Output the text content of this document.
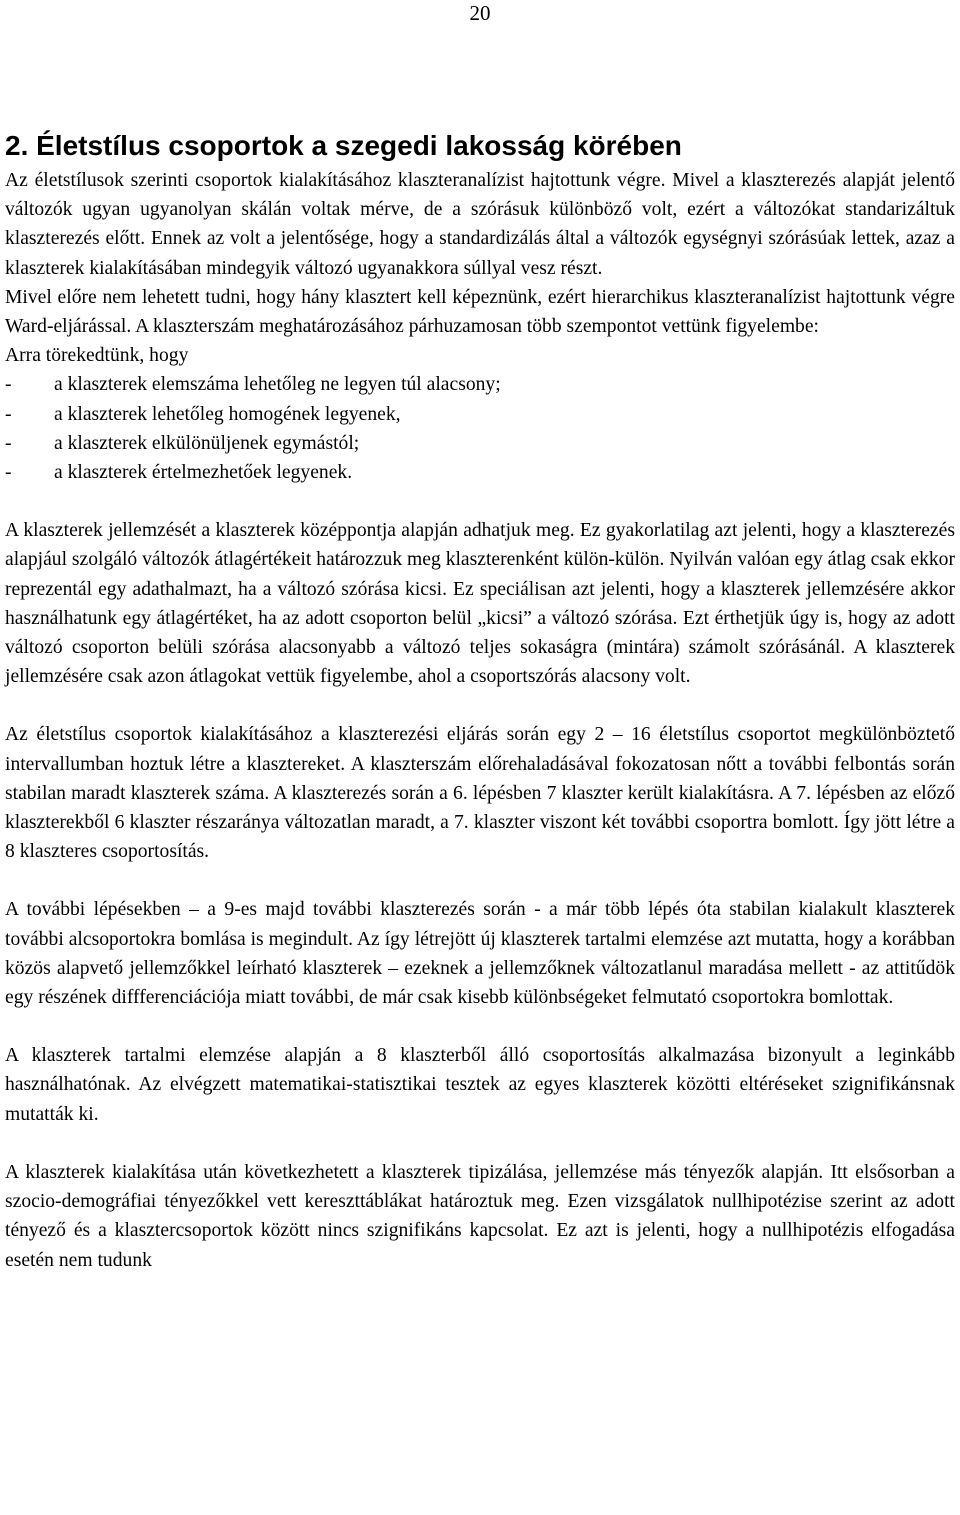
20
2. Életstílus csoportok a szegedi lakosság körében

Az életstílusok szerinti csoportok kialakításához klaszteranalízist hajtottunk végre. Mivel a klaszterezés alapját jelentő változók ugyan ugyanolyan skálán voltak mérve, de a szórásuk különböző volt, ezért a változókat standarizáltuk klaszterezés előtt. Ennek az volt a jelentősége, hogy a standardizálás által a változók egységnyi szórásúak lettek, azaz a klaszterek kialakításában mindegyik változó ugyanakkora súllyal vesz részt.

Mivel előre nem lehetett tudni, hogy hány klasztert kell képeznünk, ezért hierarchikus klaszteranalízist hajtottunk végre Ward-eljárással. A klaszterszám meghatározásához párhuzamosan több szempontot vettünk figyelembe:

Arra törekedtünk, hogy

- a klaszterek elemszáma lehetőleg ne legyen túl alacsony;
- a klaszterek lehetőleg homogének legyenek,
- a klaszterek elkülönüljenek egymástól;
- a klaszterek értelmezhetőek legyenek.

A klaszterek jellemzését a klaszterek középpontja alapján adhatjuk meg. Ez gyakorlatilag azt jelenti, hogy a klaszterezés alapjául szolgáló változók átlagértékeit határozzuk meg klaszterenként külön-külön. Nyilván valóan egy átlag csak ekkor reprezentál egy adathalmazt, ha a változó szórása kicsi. Ez speciálisan azt jelenti, hogy a klaszterek jellemzésére akkor használhatunk egy átlagértéket, ha az adott csoporton belül „kicsi” a változó szórása. Ezt érthetjük úgy is, hogy az adott változó csoporton belüli szórása alacsonyabb a változó teljes sokaságra (mintára) számolt szórásánál. A klaszterek jellemzésére csak azon átlagokat vettük figyelembe, ahol a csoportszórás alacsony volt.

Az életstílus csoportok kialakításához a klaszterezési eljárás során egy 2 – 16 életstílus csoportot megkülönböztető intervallumban hoztuk létre a klasztereket. A klaszterszám előrehaladásával fokozatosan nőtt a további felbontás során stabilan maradt klaszterek száma. A klaszterezés során a 6. lépésben 7 klaszter került kialakításra. A 7. lépésben az előző klaszterekből 6 klaszter részaránya változatlan maradt, a 7. klaszter viszont két további csoportra bomlott. Így jött létre a 8 klaszteres csoportosítás.

A további lépésekben – a 9-es majd további klaszterezés során - a már több lépés óta stabilan kialakult klaszterek további alcsoportokra bomlása is megindult. Az így létrejött új klaszterek tartalmi elemzése azt mutatta, hogy a korábban közös alapvető jellemzőkkel leírható klaszterek – ezeknek a jellemzőknek változatlanul maradása mellett - az attitűdök egy részének diffferenciációja miatt további, de már csak kisebb különbségeket felmutató csoportokra bomlottak.

A klaszterek tartalmi elemzése alapján a 8 klaszterből álló csoportosítás alkalmazása bizonyult a leginkább használhatónak. Az elvégzett matematikai-statisztikai tesztek az egyes klaszterek közötti eltéréseket szignifikánsnak mutatták ki.

A klaszterek kialakítása után következhetett a klaszterek tipizálása, jellemzése más tényezők alapján. Itt elsősorban a szocio-demográfiai tényezőkkel vett kereszttáblákat határoztuk meg. Ezen vizsgálatok nullhipotézise szerint az adott tényező és a klasztercsoportok között nincs szignifikáns kapcsolat. Ez azt is jelenti, hogy a nullhipotézis elfogadása esetén nem tudunk
